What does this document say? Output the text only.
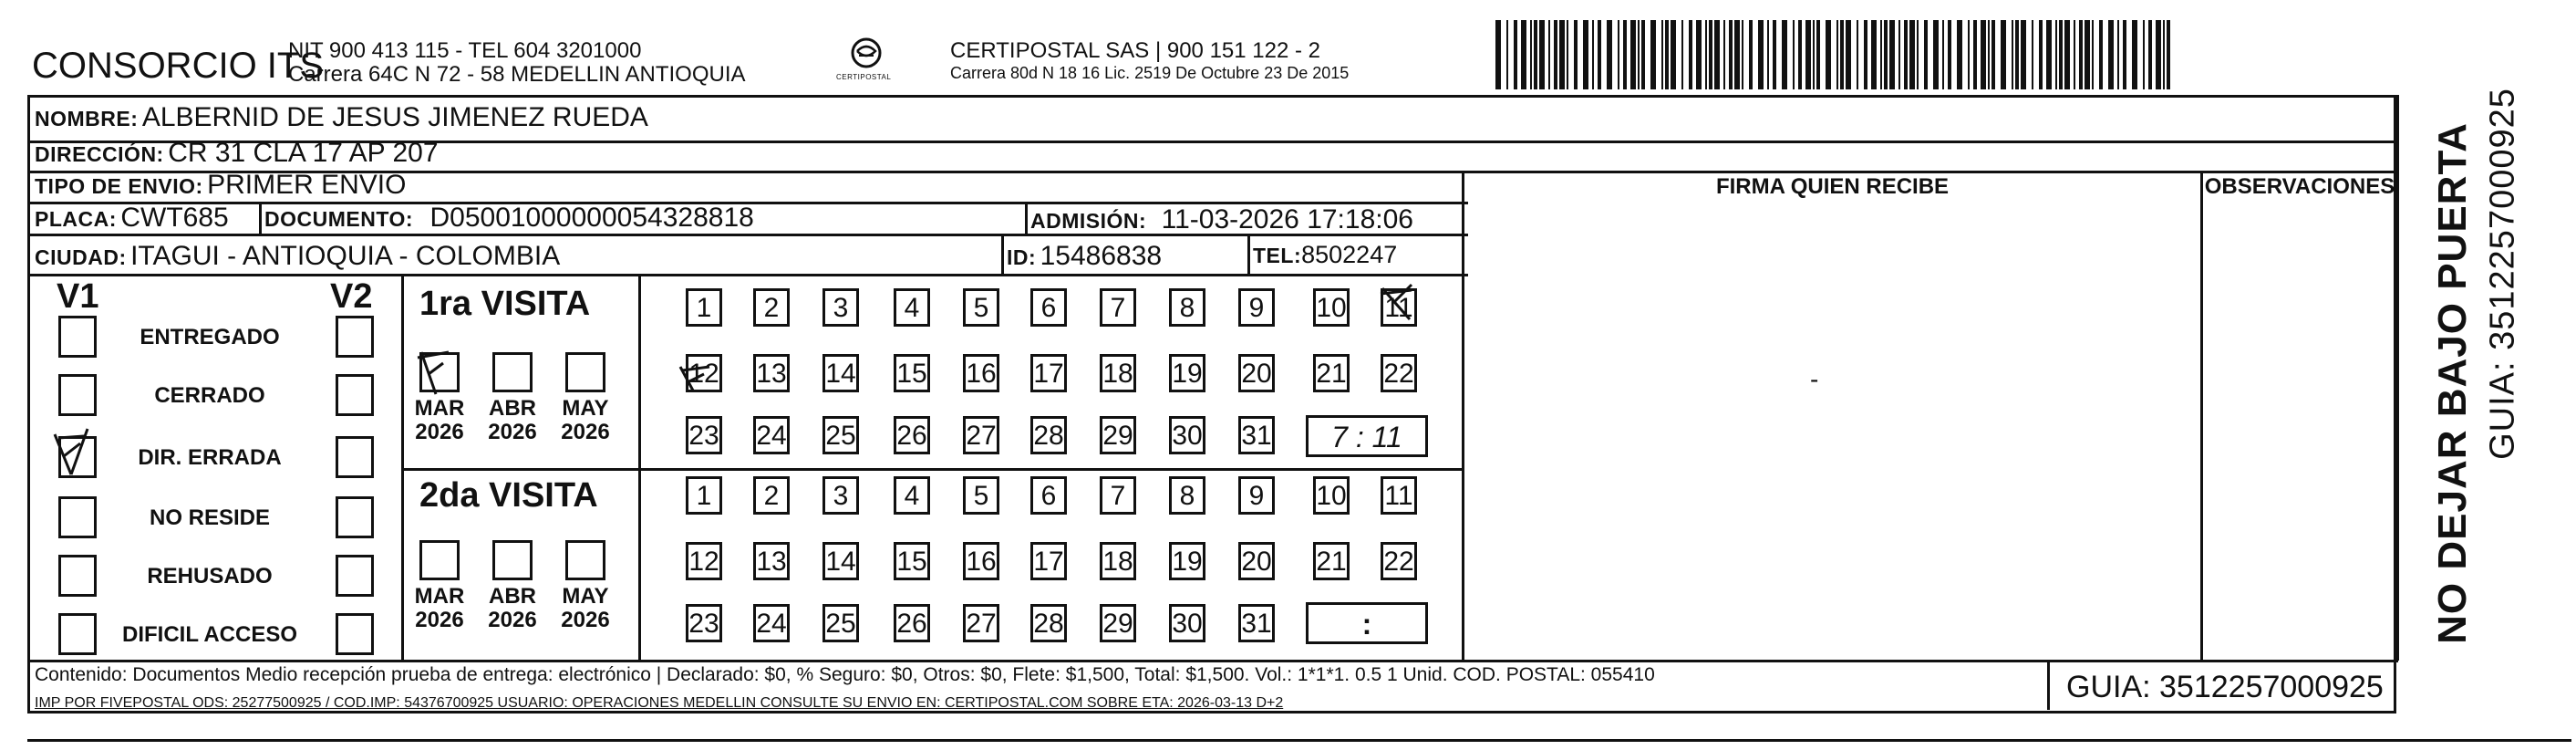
CONSORCIO ITS
NIT 900 413 115 - TEL 604 3201000
Carrera 64C N 72 - 58 MEDELLIN ANTIOQUIA	CERTIPOSTAL
CERTIPOSTAL SAS | 900 151 122 - 2
Carrera 80d N 18 16 Lic. 2519 De Octubre 23 De 2015
NOMBRE: ALBERNID DE JESUS JIMENEZ RUEDA
DIRECCIÓN: CR 31 CLA 17 AP 207
TIPO DE ENVIO: PRIMER ENVIO
PLACA: CWT685 DOCUMENTO: D05001000000054328818	ADMISIÓN: 11-03-2026 17:18:06
CIUDAD: ITAGUI - ANTIOQUIA - COLOMBIA	ID: 15486838	TEL:8502247
FIRMA QUIEN RECIBE	OBSERVACIONES
-
V1	V2
ENTREGADO
CERRADO
DIR. ERRADA
NO RESIDE
REHUSADO
DIFICIL ACCESO
1ra VISITA
MAR
2026
ABR
2026
MAY
2026
1	2	3	4	5	6	7	8	9	10 11
12 13 14 15 16 17 18 19 20 21 22
23 24 25 26 27 28 29 30 31	7 : 11
2da VISITA
MAR
2026
ABR
2026
MAY
2026
1	2	3	4	5	6	7	8	9	10 11
12 13 14 15 16 17 18 19 20 21 22
23 24 25 26 27 28 29 30 31	:
Contenido: Documentos Medio recepción prueba de entrega: electrónico | Declarado: $0, % Seguro: $0, Otros: $0, Flete: $1,500, Total: $1,500. Vol.: 1*1*1. 0.5 1 Unid. COD. POSTAL: 055410
IMP POR FIVEPOSTAL ODS: 25277500925 / COD.IMP: 54376700925 USUARIO: OPERACIONES MEDELLIN CONSULTE SU ENVIO EN: CERTIPOSTAL.COM SOBRE ETA: 2026-03-13 D+2	GUIA: 3512257000925
NO DEJAR BAJO PUERTA GUIA: 3512257000925
